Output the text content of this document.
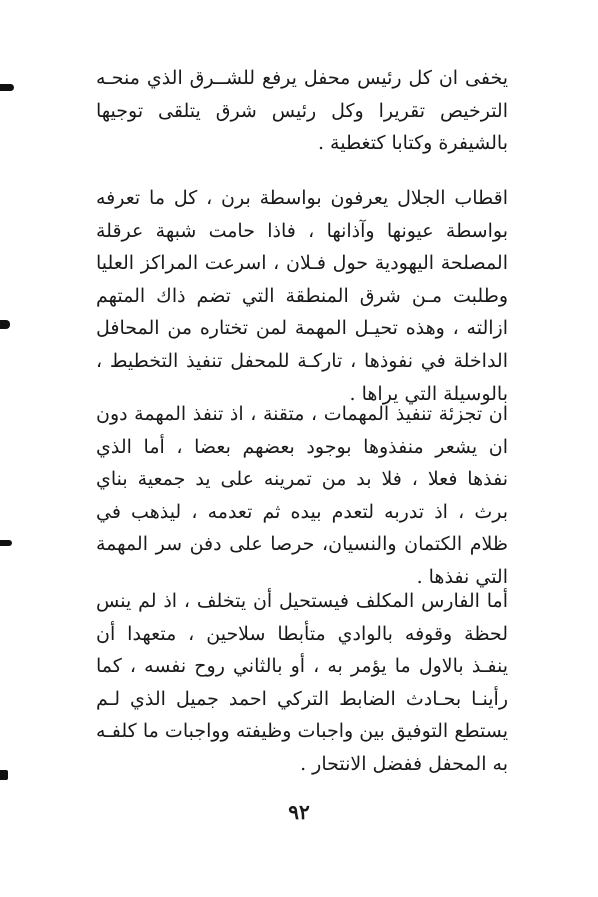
يخفى ان كل رئيس محفل يرفع للشــرق الذي منحـه الترخيص تقريرا وكل رئيس شرق يتلقى توجيها بالشيفرة وكتابا كتغطية .

اقطاب الجلال يعرفون بواسطة برن ، كل ما تعرفه بواسطة عيونها وآذانها ، فاذا حامت شبهة عرقلة المصلحة اليهودية حول فـلان ، اسرعت المراكز العليا وطلبت مـن شرق المنطقة التي تضم ذاك المتهم ازالته ، وهذه تحيـل المهمة لمن تختاره من المحافل الداخلة في نفوذها ، تاركـة للمحفل تنفيذ التخطيط ، بالوسيلة التي يراها .

ان تجزئة تنفيذ المهمات ، متقنة ، اذ تنفذ المهمة دون ان يشعر منفذوها بوجود بعضهم بعضا ، أما الذي نفذها فعلا ، فلا بد من تمرينه على يد جمعية بناي برث ، اذ تدربه لتعدم بيده ثم تعدمه ، ليذهب في ظلام الكتمان والنسيان، حرصا على دفن سر المهمة التي نفذها .

أما الفارس المكلف فيستحيل أن يتخلف ، اذ لم ينس لحظة وقوفه بالوادي متأبطا سلاحين ، متعهدا أن ينفـذ بالاول ما يؤمر به ، أو بالثاني روح نفسه ، كما رأينـا بحـادث الضابط التركي احمد جميل الذي لـم يستطع التوفيق بين واجبات وظيفته وواجبات ما كلفـه به المحفل ففضل الانتحار .

٩٢
